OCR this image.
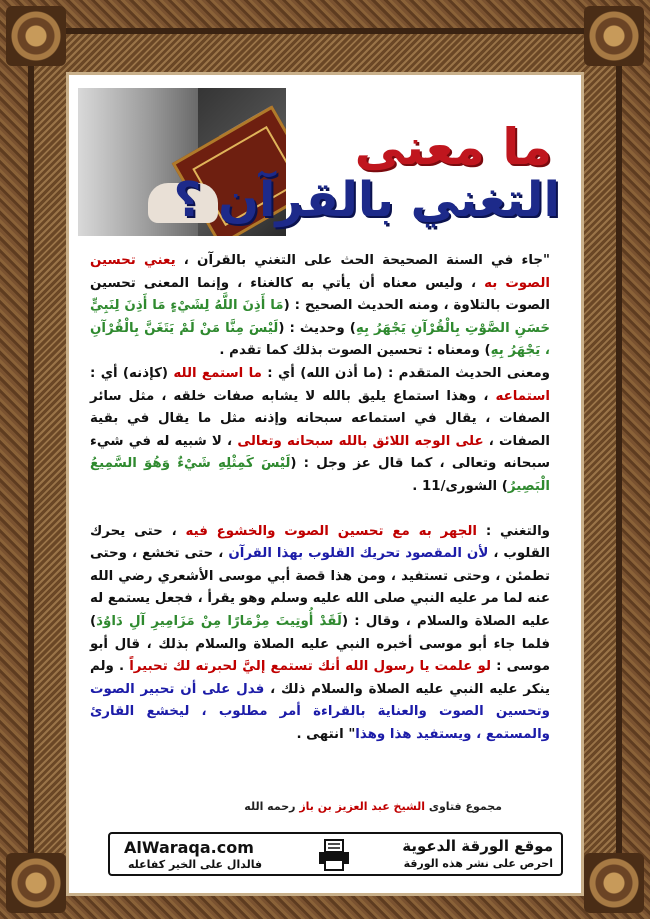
ما معنى
التغني بالقرآن ؟

"جاء في السنة الصحيحة الحث على التغني بالقرآن ، يعني تحسين الصوت به ، وليس معناه أن يأتي به كالغناء ، وإنما المعنى تحسين الصوت بالتلاوة ، ومنه الحديث الصحيح : (مَا أَذِنَ اللَّهُ لِشَيْءٍ مَا أَذِنَ لِنَبِيٍّ حَسَنِ الصَّوْتِ بِالْقُرْآنِ يَجْهَرُ بِهِ) وحديث : (لَيْسَ مِنَّا مَنْ لَمْ يَتَغَنَّ بِالْقُرْآنِ ، يَجْهَرُ بِهِ) ومعناه : تحسين الصوت بذلك كما تقدم .

ومعنى الحديث المتقدم : (ما أذن الله) أي : ما استمع الله (كإذنه) أي : استماعه ، وهذا استماع يليق بالله لا يشابه صفات خلقه ، مثل سائر الصفات ، يقال في استماعه سبحانه وإذنه مثل ما يقال في بقية الصفات ، على الوجه اللائق بالله سبحانه وتعالى ، لا شبيه له في شيء سبحانه وتعالى ، كما قال عز وجل : (لَيْسَ كَمِثْلِهِ شَيْءٌ وَهُوَ السَّمِيعُ الْبَصِيرُ) الشورى/11 .

والتغني : الجهر به مع تحسين الصوت والخشوع فيه ، حتى يحرك القلوب ، لأن المقصود تحريك القلوب بهذا القرآن ، حتى تخشع ، وحتى تطمئن ، وحتى تستفيد ، ومن هذا قصة أبي موسى الأشعري رضي الله عنه لما مر عليه النبي صلى الله عليه وسلم وهو يقرأ ، فجعل يستمع له عليه الصلاة والسلام ، وقال : (لَقَدْ أُوتِيتَ مِزْمَارًا مِنْ مَزَامِيرِ آلِ دَاوُدَ) فلما جاء أبو موسى أخبره النبي عليه الصلاة والسلام بذلك ، قال أبو موسى : لو علمت يا رسول الله أنك تستمع إليَّ لحبرته لك تحبيراً . ولم ينكر عليه النبي عليه الصلاة والسلام ذلك ، فدل على أن تحبير الصوت وتحسين الصوت والعناية بالقراءة أمر مطلوب ، ليخشع القارئ والمستمع ، ويستفيد هذا وهذا" انتهى .

مجموع فتاوى الشيخ عبد العزيز بن باز رحمه الله
موقع الورقة الدعوية
احرص على نشر هذه الورقة
AlWaraqa.com
فالدال على الخير كفاعله
